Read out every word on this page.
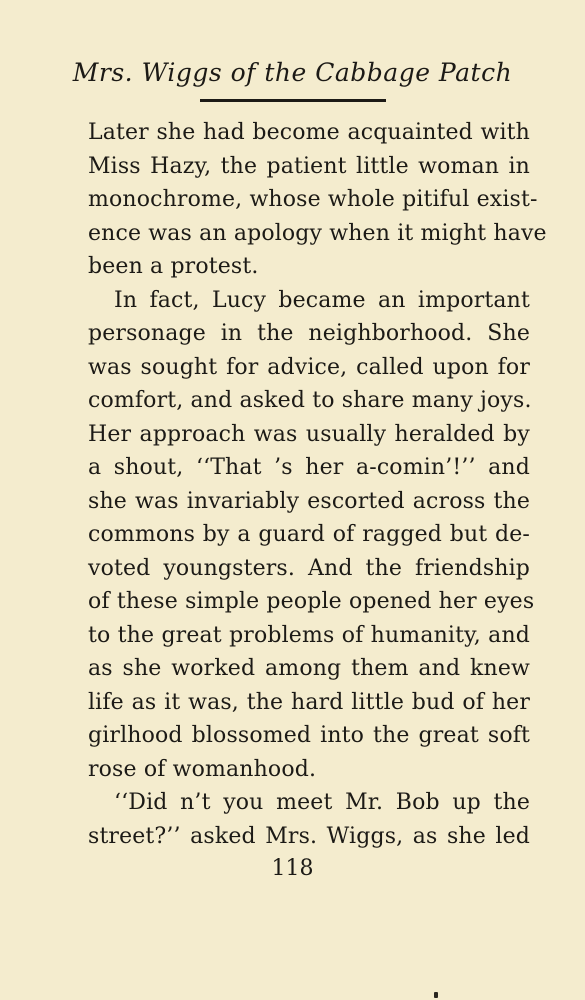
Mrs. Wiggs of the Cabbage Patch
Later she had become acquainted with
Miss Hazy, the patient little woman in
monochrome, whose whole pitiful exist-
ence was an apology when it might have
been a protest.
In fact, Lucy became an important
personage in the neighborhood. She
was sought for advice, called upon for
comfort, and asked to share many joys.
Her approach was usually heralded by
a shout, ‘‘That ’s her a-comin’!’’ and
she was invariably escorted across the
commons by a guard of ragged but de-
voted youngsters. And the friendship
of these simple people opened her eyes
to the great problems of humanity, and
as she worked among them and knew
life as it was, the hard little bud of her
girlhood blossomed into the great soft
rose of womanhood.
‘‘Did n’t you meet Mr. Bob up the
street?’’ asked Mrs. Wiggs, as she led
118
